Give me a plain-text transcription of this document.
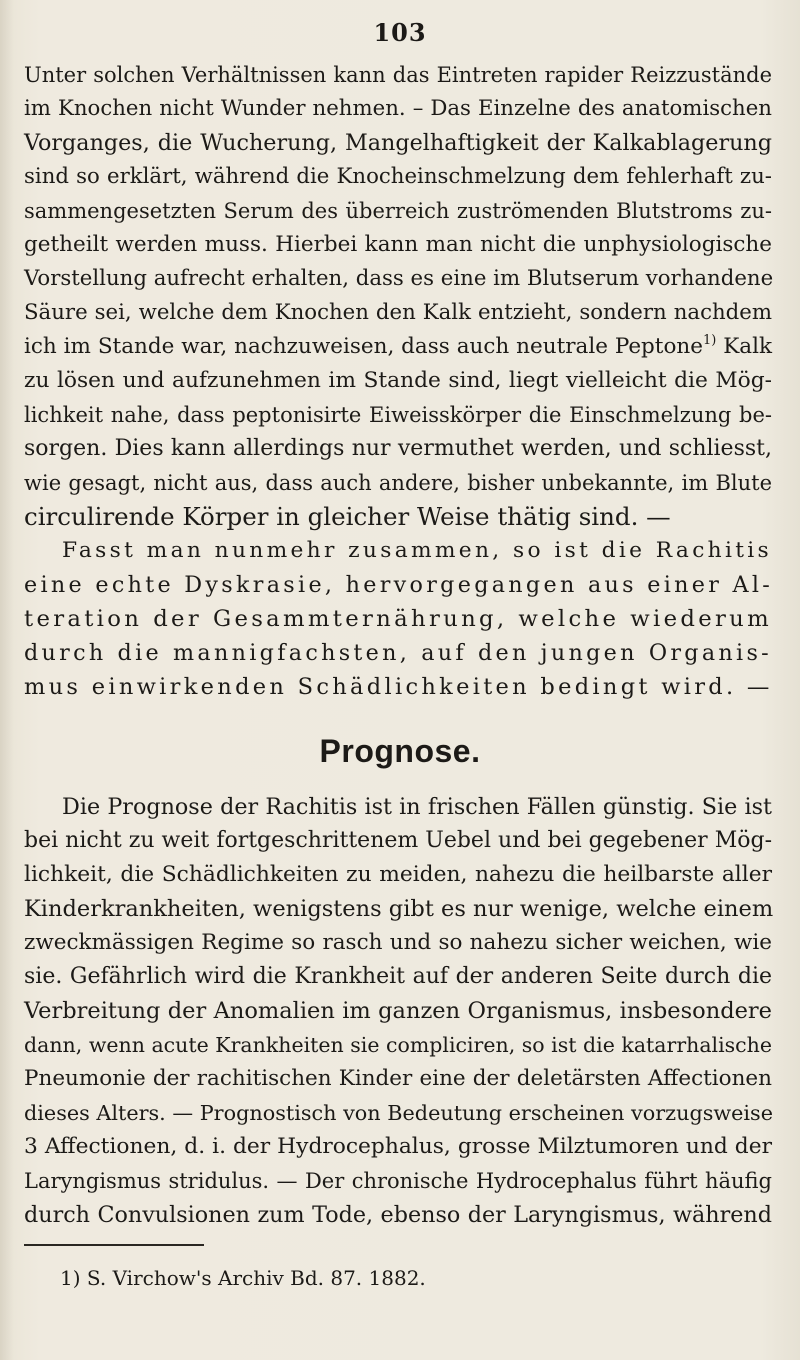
103
Unter solchen Verhältnissen kann das Eintreten rapider Reizzustände
im Knochen nicht Wunder nehmen. – Das Einzelne des anatomischen
Vorganges, die Wucherung, Mangelhaftigkeit der Kalkablagerung
sind so erklärt, während die Knocheinschmelzung dem fehlerhaft zu-
sammengesetzten Serum des überreich zuströmenden Blutstroms zu-
getheilt werden muss. Hierbei kann man nicht die unphysiologische
Vorstellung aufrecht erhalten, dass es eine im Blutserum vorhandene
Säure sei, welche dem Knochen den Kalk entzieht, sondern nachdem
ich im Stande war, nachzuweisen, dass auch neutrale Peptone$^{1)}$ Kalk
zu lösen und aufzunehmen im Stande sind, liegt vielleicht die Mög-
lichkeit nahe, dass peptonisirte Eiweisskörper die Einschmelzung be-
sorgen. Dies kann allerdings nur vermuthet werden, und schliesst,
wie gesagt, nicht aus, dass auch andere, bisher unbekannte, im Blute
circulirende Körper in gleicher Weise thätig sind. —
Fasst man nunmehr zusammen, so ist die Rachitis
eine echte Dyskrasie, hervorgegangen aus einer Al-
teration der Gesammternährung, welche wiederum
durch die mannigfachsten, auf den jungen Organis-
mus einwirkenden Schädlichkeiten bedingt wird. —
Prognose.
Die Prognose der Rachitis ist in frischen Fällen günstig. Sie ist
bei nicht zu weit fortgeschrittenem Uebel und bei gegebener Mög-
lichkeit, die Schädlichkeiten zu meiden, nahezu die heilbarste aller
Kinderkrankheiten, wenigstens gibt es nur wenige, welche einem
zweckmässigen Regime so rasch und so nahezu sicher weichen, wie
sie. Gefährlich wird die Krankheit auf der anderen Seite durch die
Verbreitung der Anomalien im ganzen Organismus, insbesondere
dann, wenn acute Krankheiten sie compliciren, so ist die katarrhalische
Pneumonie der rachitischen Kinder eine der deletärsten Affectionen
dieses Alters. — Prognostisch von Bedeutung erscheinen vorzugsweise
3 Affectionen, d. i. der Hydrocephalus, grosse Milztumoren und der
Laryngismus stridulus. — Der chronische Hydrocephalus führt häufig
durch Convulsionen zum Tode, ebenso der Laryngismus, während
1) S. Virchow's Archiv Bd. 87. 1882.
